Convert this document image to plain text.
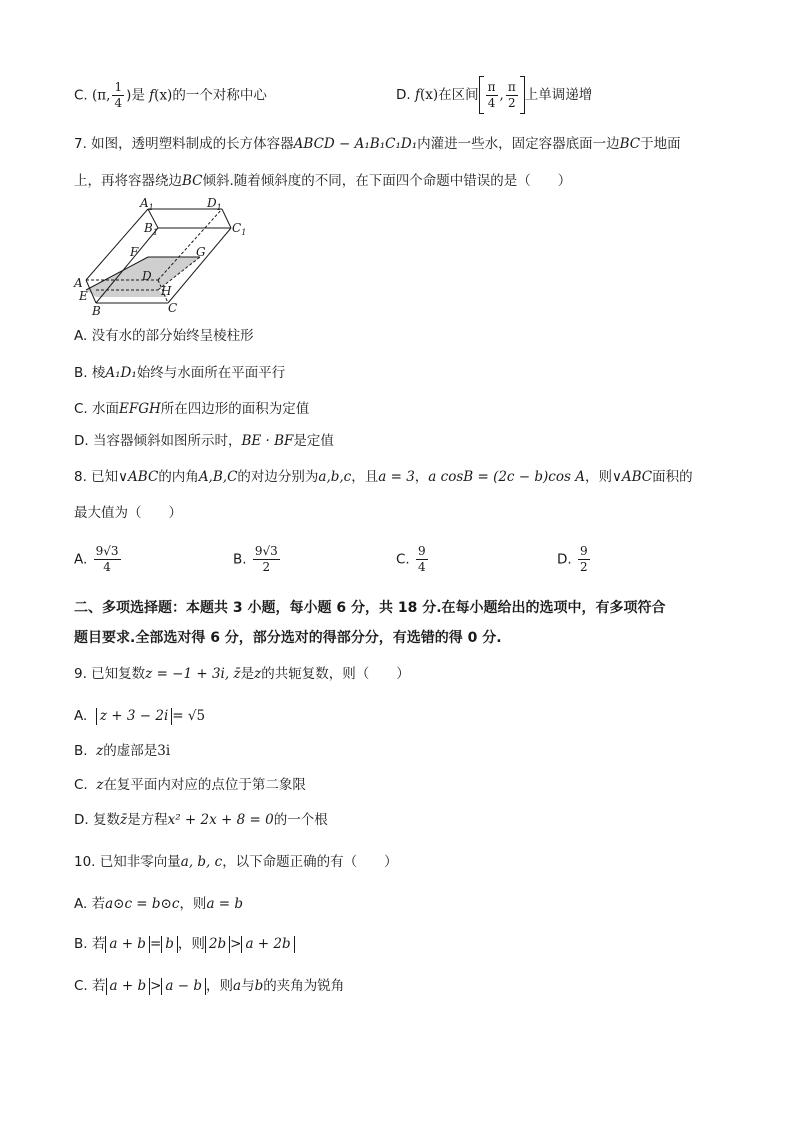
C. (π, $\frac{1}{4}$ )是 f(x)的一个对称中心	D. f(x)在区间 $\frac{\pi}{4}$ , $\frac{\pi}{2}$ 上单调递增
7. 如图，透明塑料制成的长方体容器ABCD − A₁B₁C₁D₁内灌进一些水，固定容器底面一边BC于地面
上，再将容器绕边BC倾斜.随着倾斜度的不同，在下面四个命题中错误的是（　　）
$A_1$	$D_1$
$B_1$	$C_1$
F	G
D
A
E	H
B	C
A. 没有水的部分始终呈棱柱形
B. 棱A₁D₁始终与水面所在平面平行
C. 水面EFGH所在四边形的面积为定值
D. 当容器倾斜如图所示时，BE · BF是定值
8. 已知∨ABC的内角A,B,C的对边分别为a,b,c，且a = 3，a cosB = (2c − b)cos A，则∨ABC面积的
最大值为（　　）
A. $\frac{9√3}{4}$	B. $\frac{9√3}{2}$	C. $\frac{9}{4}$	D. $\frac{9}{2}$
二、多项选择题：本题共 3 小题，每小题 6 分，共 18 分.在每小题给出的选项中，有多项符合
题目要求.全部选对得 6 分，部分选对的得部分分，有选错的得 0 分.
9. 已知复数z = −1 + 3i, z̄是z的共轭复数，则（　　）
A. z + 3 − 2i = √5
B. z的虚部是3i
C. z在复平面内对应的点位于第二象限
D. 复数z̄是方程x² + 2x + 8 = 0的一个根
10. 已知非零向量a, b, c，以下命题正确的有（　　）
A. 若a⊙c = b⊙c，则a = b
B. 若 a + b = b ，则 2b > a + 2b
C. 若 a + b > a − b ，则a与b的夹角为锐角
